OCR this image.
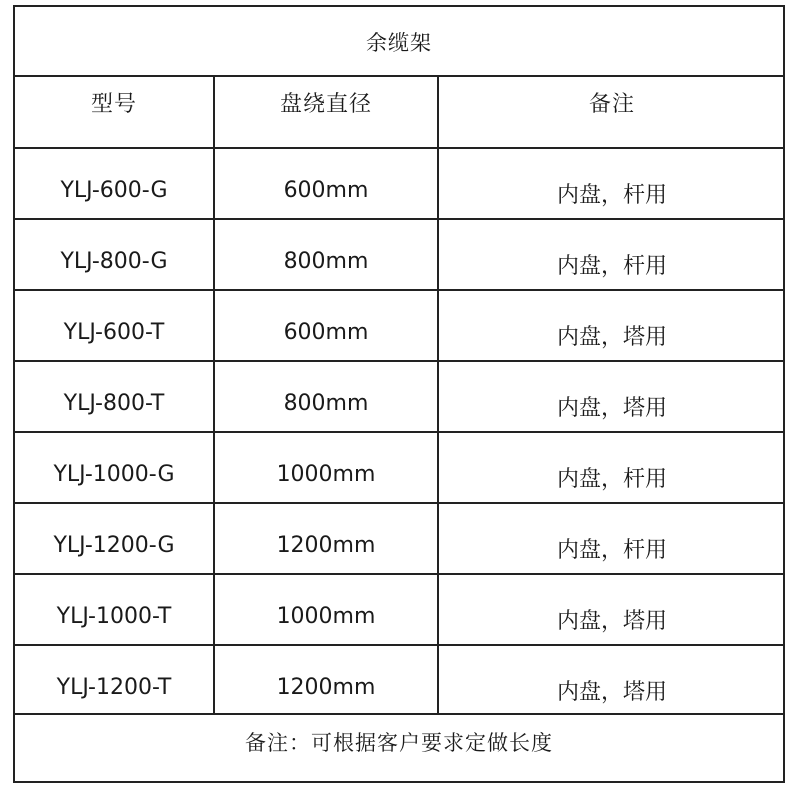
余缆架
型号	盘绕直径	备注
YLJ-600-G	600mm	内盘，杆用
YLJ-800-G	800mm	内盘，杆用
YLJ-600-T	600mm	内盘，塔用
YLJ-800-T	800mm	内盘，塔用
YLJ-1000-G	1000mm	内盘，杆用
YLJ-1200-G	1200mm	内盘，杆用
YLJ-1000-T	1000mm	内盘，塔用
YLJ-1200-T	1200mm	内盘，塔用
备注：可根据客户要求定做长度
